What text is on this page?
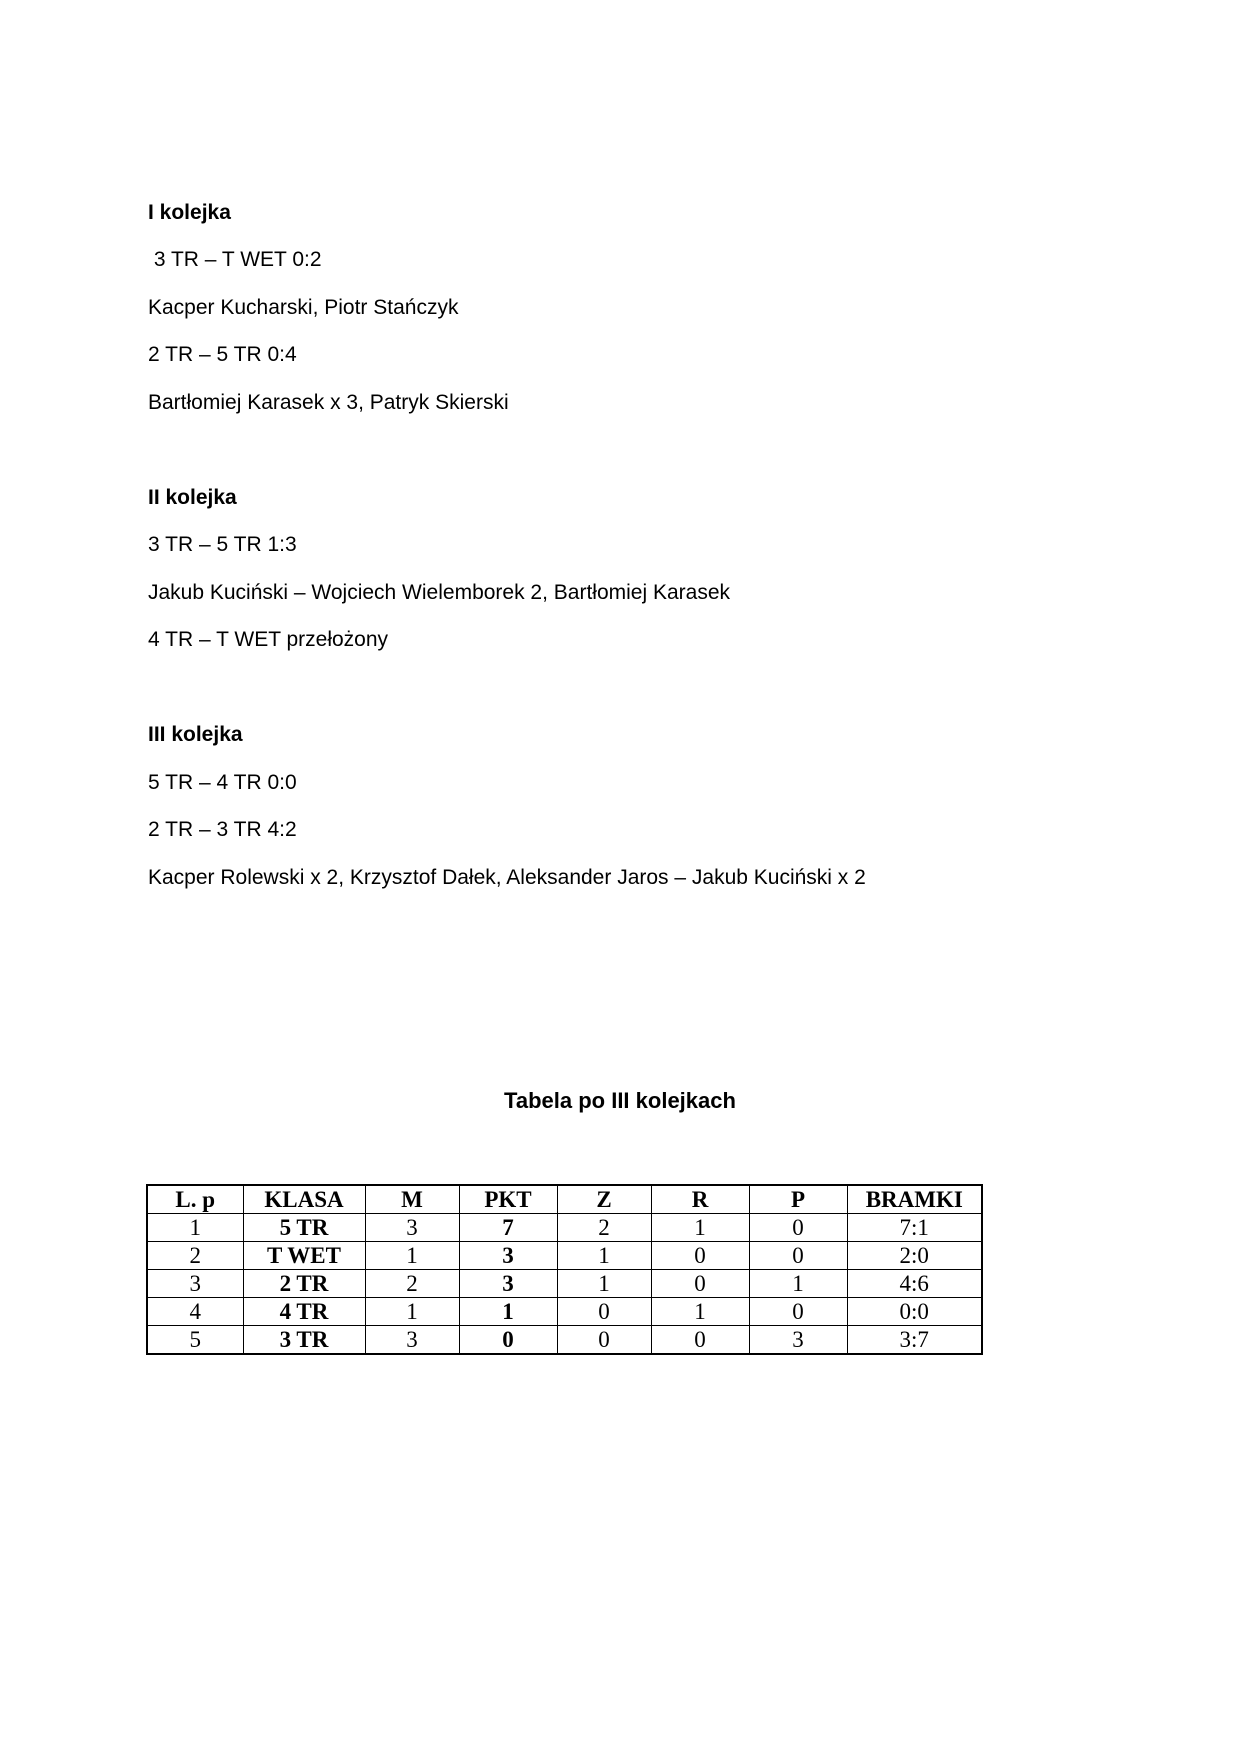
I kolejka
3 TR – T WET 0:2
Kacper Kucharski, Piotr Stańczyk
2 TR – 5 TR 0:4
Bartłomiej Karasek x 3, Patryk Skierski
II kolejka
3 TR – 5 TR 1:3
Jakub Kuciński – Wojciech Wielemborek 2, Bartłomiej Karasek
4 TR – T WET przełożony
III kolejka
5 TR – 4 TR 0:0
2 TR – 3 TR 4:2
Kacper Rolewski x 2, Krzysztof Dałek, Aleksander Jaros – Jakub Kuciński x 2
Tabela po III kolejkach
L. p	KLASA	M	PKT	Z	R	P	BRAMKI
1	5 TR	3	7	2	1	0	7:1
2	T WET	1	3	1	0	0	2:0
3	2 TR	2	3	1	0	1	4:6
4	4 TR	1	1	0	1	0	0:0
5	3 TR	3	0	0	0	3	3:7
